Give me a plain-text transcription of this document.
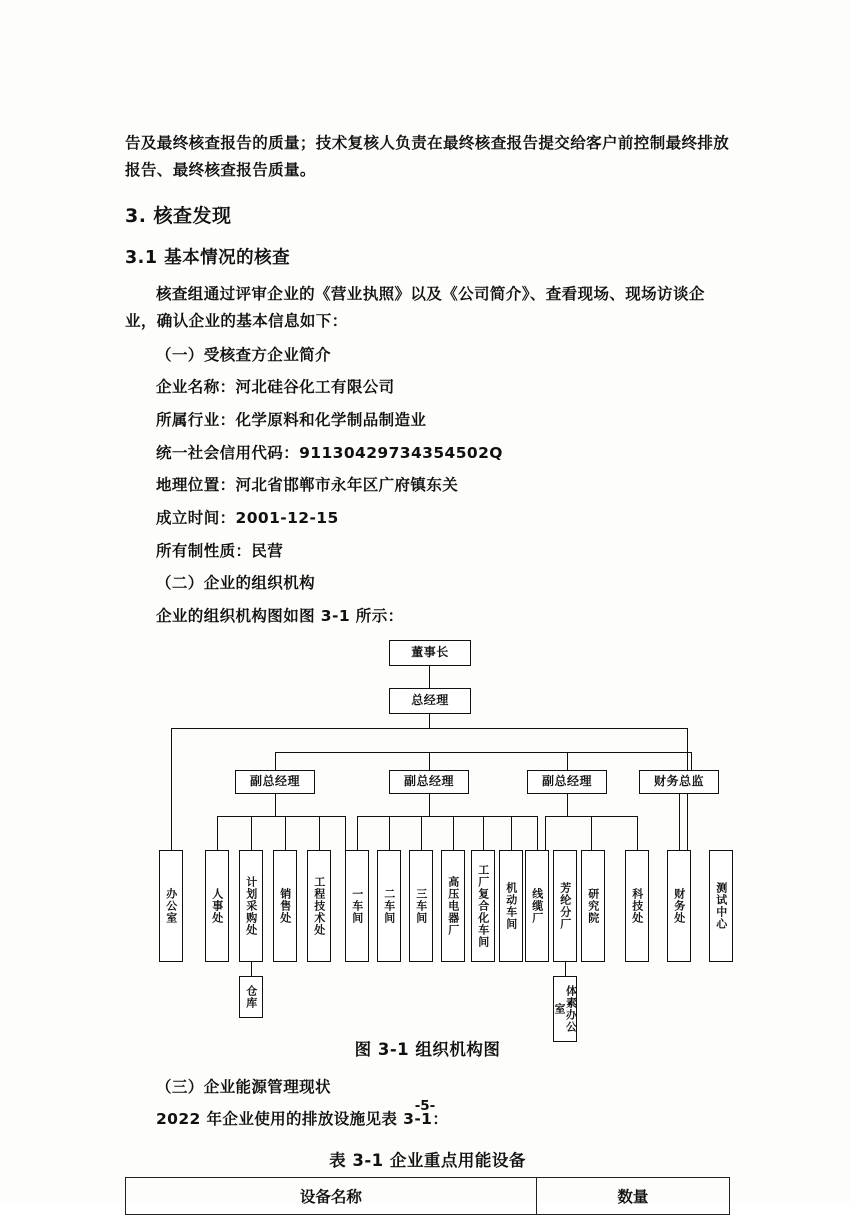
告及最终核查报告的质量；技术复核人负责在最终核查报告提交给客户前控制最终排放报告、最终核查报告质量。

3. 核查发现
3.1 基本情况的核查

核查组通过评审企业的《营业执照》以及《公司简介》、查看现场、现场访谈企业，确认企业的基本信息如下：

（一）受核查方企业简介

企业名称：河北硅谷化工有限公司

所属行业：化学原料和化学制品制造业

统一社会信用代码：91130429734354502Q

地理位置：河北省邯郸市永年区广府镇东关

成立时间：2001-12-15

所有制性质：民营

（二）企业的组织机构

企业的组织机构图如图 3-1 所示：

董事长
总经理
副总经理	副总经理	副总经理	财务总监
办公室	人事处	计划采购处	销售处	工程技术处	一车间	二车间	三车间	高压电器厂	工厂复合化车间	机动车间	线缆厂	芳纶分厂	研究院	科技处	财务处	测试中心
仓库	体素办公室
图 3-1 组织机构图

（三）企业能源管理现状

2022 年企业使用的排放设施见表 3-1：

表 3-1 企业重点用能设备
设备名称	数量
-5-
